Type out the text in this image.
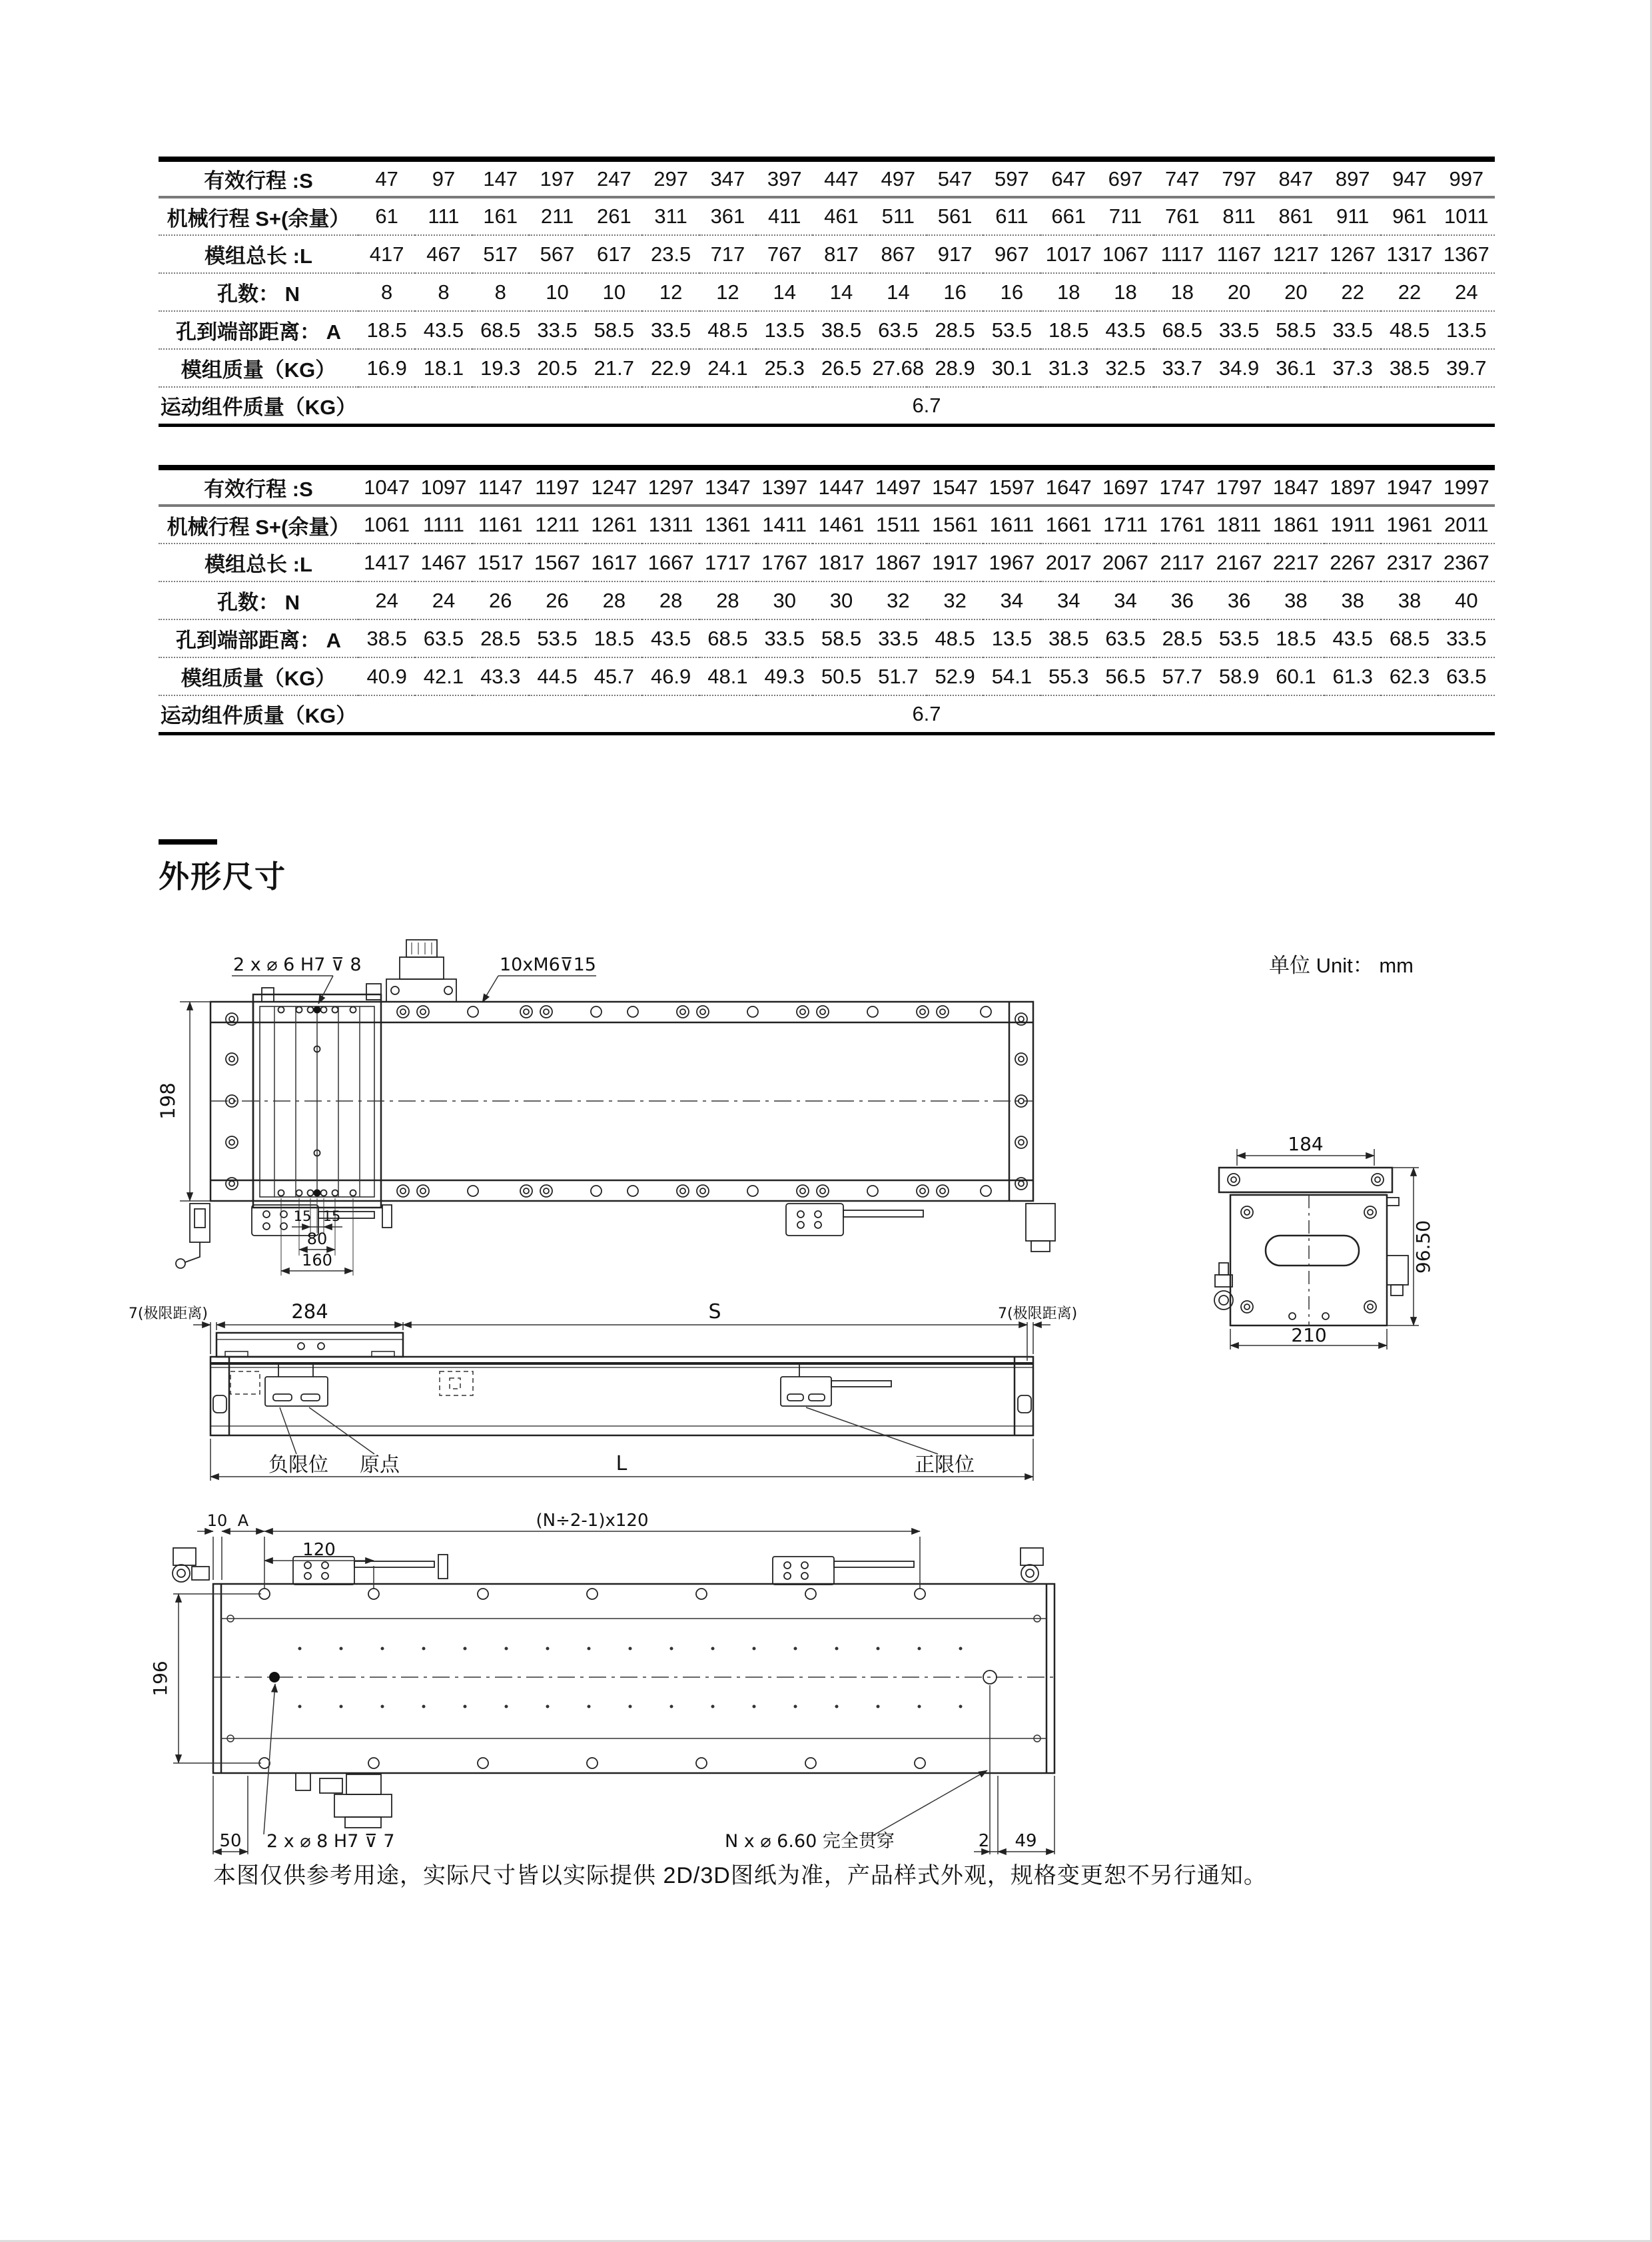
有效行程 :S	47	97	147	197	247	297	347	397	447	497	547	597	647	697	747	797	847	897	947	997
机械行程 S+(余量）	61	111	161	211	261	311	361	411	461	511	561	611	661	711	761	811	861	911	961	1011
模组总长 :L	417	467	517	567	617	23.5	717	767	817	867	917	967	1017	1067	1117	1167	1217	1267	1317	1367
孔数： N	8	8	8	10	10	12	12	14	14	14	16	16	18	18	18	20	20	22	22	24
孔到端部距离： A	18.5	43.5	68.5	33.5	58.5	33.5	48.5	13.5	38.5	63.5	28.5	53.5	18.5	43.5	68.5	33.5	58.5	33.5	48.5	13.5
模组质量（KG）	16.9	18.1	19.3	20.5	21.7	22.9	24.1	25.3	26.5	27.68	28.9	30.1	31.3	32.5	33.7	34.9	36.1	37.3	38.5	39.7
运动组件质量（KG）	6.7																			
有效行程 :S	1047	1097	1147	1197	1247	1297	1347	1397	1447	1497	1547	1597	1647	1697	1747	1797	1847	1897	1947	1997
机械行程 S+(余量）	1061	1111	1161	1211	1261	1311	1361	1411	1461	1511	1561	1611	1661	1711	1761	1811	1861	1911	1961	2011
模组总长 :L	1417	1467	1517	1567	1617	1667	1717	1767	1817	1867	1917	1967	2017	2067	2117	2167	2217	2267	2317	2367
孔数： N	24	24	26	26	28	28	28	30	30	32	32	34	34	34	36	36	38	38	38	40
孔到端部距离： A	38.5	63.5	28.5	53.5	18.5	43.5	68.5	33.5	58.5	33.5	48.5	13.5	38.5	63.5	28.5	53.5	18.5	43.5	68.5	33.5
模组质量（KG）	40.9	42.1	43.3	44.5	45.7	46.9	48.1	49.3	50.5	51.7	52.9	54.1	55.3	56.5	57.7	58.9	60.1	61.3	62.3	63.5
运动组件质量（KG）	6.7																			
外形尺寸
单位 Unit： mm
2 x ⌀ 6 H7 ⊽ 8	10xM6⊽15
198
15 15
80
160
7(极限距离)	284	S	7(极限距离)
负限位 原点	正限位
L
184
96.50
210
10 A	(N÷2-1)x120
120
196
50 2 x ⌀ 8 H7 ⊽ 7	N x ⌀ 6.60 完全贯穿	2 49

本图仅供参考用途，实际尺寸皆以实际提供 2D/3D图纸为准，产品样式外观，规格变更恕不另行通知。
